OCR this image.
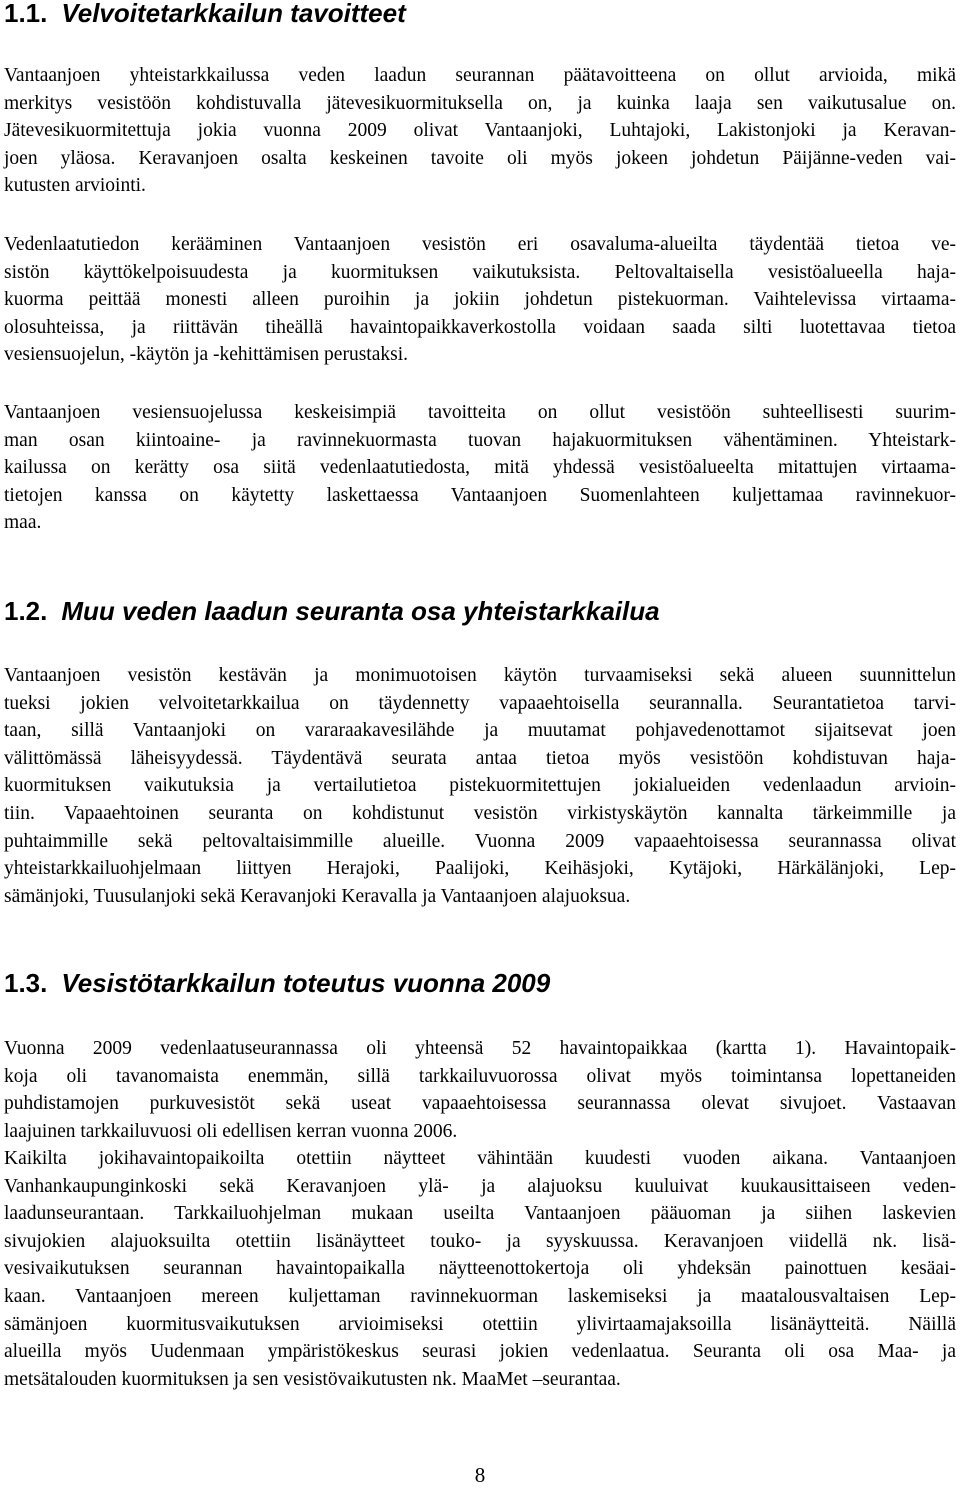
1.1. Velvoitetarkkailun tavoitteet

Vantaanjoen yhteistarkkailussa veden laadun seurannan päätavoitteena on ollut arvioida, mikä
merkitys vesistöön kohdistuvalla jätevesikuormituksella on, ja kuinka laaja sen vaikutusalue on.
Jätevesikuormitettuja jokia vuonna 2009 olivat Vantaanjoki, Luhtajoki, Lakistonjoki ja Keravan-
joen yläosa. Keravanjoen osalta keskeinen tavoite oli myös jokeen johdetun Päijänne-veden vai-
kutusten arviointi.

Vedenlaatutiedon kerääminen Vantaanjoen vesistön eri osavaluma-alueilta täydentää tietoa ve-
sistön käyttökelpoisuudesta ja kuormituksen vaikutuksista. Peltovaltaisella vesistöalueella haja-
kuorma peittää monesti alleen puroihin ja jokiin johdetun pistekuorman. Vaihtelevissa virtaama-
olosuhteissa, ja riittävän tiheällä havaintopaikkaverkostolla voidaan saada silti luotettavaa tietoa
vesiensuojelun, -käytön ja -kehittämisen perustaksi.

Vantaanjoen vesiensuojelussa keskeisimpiä tavoitteita on ollut vesistöön suhteellisesti suurim-
man osan kiintoaine- ja ravinnekuormasta tuovan hajakuormituksen vähentäminen. Yhteistark-
kailussa on kerätty osa siitä vedenlaatutiedosta, mitä yhdessä vesistöalueelta mitattujen virtaama-
tietojen kanssa on käytetty laskettaessa Vantaanjoen Suomenlahteen kuljettamaa ravinnekuor-
maa.

1.2. Muu veden laadun seuranta osa yhteistarkkailua

Vantaanjoen vesistön kestävän ja monimuotoisen käytön turvaamiseksi sekä alueen suunnittelun
tueksi jokien velvoitetarkkailua on täydennetty vapaaehtoisella seurannalla. Seurantatietoa tarvi-
taan, sillä Vantaanjoki on vararaakavesilähde ja muutamat pohjavedenottamot sijaitsevat joen
välittömässä läheisyydessä. Täydentävä seurata antaa tietoa myös vesistöön kohdistuvan haja-
kuormituksen vaikutuksia ja vertailutietoa pistekuormitettujen jokialueiden vedenlaadun arvioin-
tiin. Vapaaehtoinen seuranta on kohdistunut vesistön virkistyskäytön kannalta tärkeimmille ja
puhtaimmille sekä peltovaltaisimmille alueille. Vuonna 2009 vapaaehtoisessa seurannassa olivat
yhteistarkkailuohjelmaan liittyen Herajoki, Paalijoki, Keihäsjoki, Kytäjoki, Härkälänjoki, Lep-
sämänjoki, Tuusulanjoki sekä Keravanjoki Keravalla ja Vantaanjoen alajuoksua.

1.3. Vesistötarkkailun toteutus vuonna 2009

Vuonna 2009 vedenlaatuseurannassa oli yhteensä 52 havaintopaikkaa (kartta 1). Havaintopaik-
koja oli tavanomaista enemmän, sillä tarkkailuvuorossa olivat myös toimintansa lopettaneiden
puhdistamojen purkuvesistöt sekä useat vapaaehtoisessa seurannassa olevat sivujoet. Vastaavan
laajuinen tarkkailuvuosi oli edellisen kerran vuonna 2006.

Kaikilta jokihavaintopaikoilta otettiin näytteet vähintään kuudesti vuoden aikana. Vantaanjoen
Vanhankaupunginkoski sekä Keravanjoen ylä- ja alajuoksu kuuluivat kuukausittaiseen veden-
laadunseurantaan. Tarkkailuohjelman mukaan useilta Vantaanjoen pääuoman ja siihen laskevien
sivujokien alajuoksuilta otettiin lisänäytteet touko- ja syyskuussa. Keravanjoen viidellä nk. lisä-
vesivaikutuksen seurannan havaintopaikalla näytteenottokertoja oli yhdeksän painottuen kesäai-
kaan. Vantaanjoen mereen kuljettaman ravinnekuorman laskemiseksi ja maatalousvaltaisen Lep-
sämänjoen kuormitusvaikutuksen arvioimiseksi otettiin ylivirtaamajaksoilla lisänäytteitä. Näillä
alueilla myös Uudenmaan ympäristökeskus seurasi jokien vedenlaatua. Seuranta oli osa Maa- ja
metsätalouden kuormituksen ja sen vesistövaikutusten nk. MaaMet –seurantaa.

8
